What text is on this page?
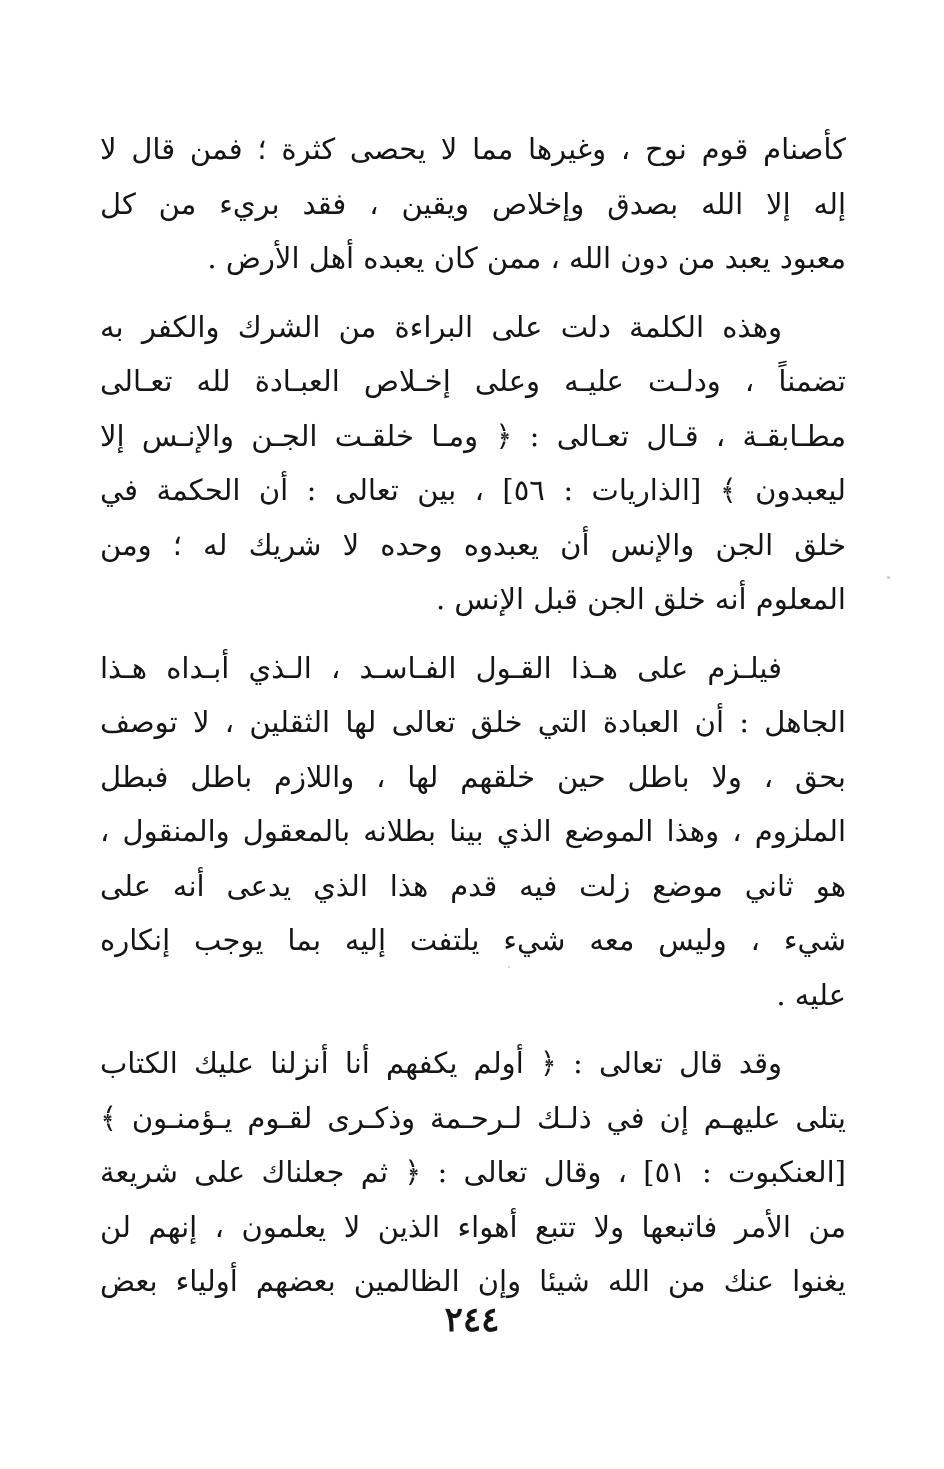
كأصنام قوم نوح ، وغيرها مما لا يحصى كثرة ؛ فمن قال لا
إله إلا الله بصدق وإخلاص ويقين ، فقد بريء من كل
معبود يعبد من دون الله ، ممن كان يعبده أهل الأرض .

وهذه الكلمة دلت على البراءة من الشرك والكفر به
تضمناً ، ودلـت عليـه وعلى إخـلاص العبـادة لله تعـالى
مطـابقـة ، قـال تعـالى : ﴿ ومـا خلقـت الجـن والإنـس إلا
ليعبدون ﴾ [الذاريات : ٥٦] ، بين تعالى : أن الحكمة في
خلق الجن والإنس أن يعبدوه وحده لا شريك له ؛ ومن
المعلوم أنه خلق الجن قبل الإنس .

فيلـزم على هـذا القـول الفـاسـد ، الـذي أبـداه هـذا
الجاهل : أن العبادة التي خلق تعالى لها الثقلين ، لا توصف
بحق ، ولا باطل حين خلقهم لها ، واللازم باطل فبطل
الملزوم ، وهذا الموضع الذي بينا بطلانه بالمعقول والمنقول ،
هو ثاني موضع زلت فيه قدم هذا الذي يدعى أنه على
شيء ، وليس معه شيء يلتفت إليه بما يوجب إنكاره
عليه .

وقد قال تعالى : ﴿ أولم يكفهم أنا أنزلنا عليك الكتاب
يتلى عليهـم إن في ذلـك لـرحـمة وذكـرى لقـوم يـؤمنـون ﴾
[العنكبوت : ٥١] ، وقال تعالى : ﴿ ثم جعلناك على شريعة
من الأمر فاتبعها ولا تتبع أهواء الذين لا يعلمون ، إنهم لن
يغنوا عنك من الله شيئا وإن الظالمين بعضهم أولياء بعض

٢٤٤
